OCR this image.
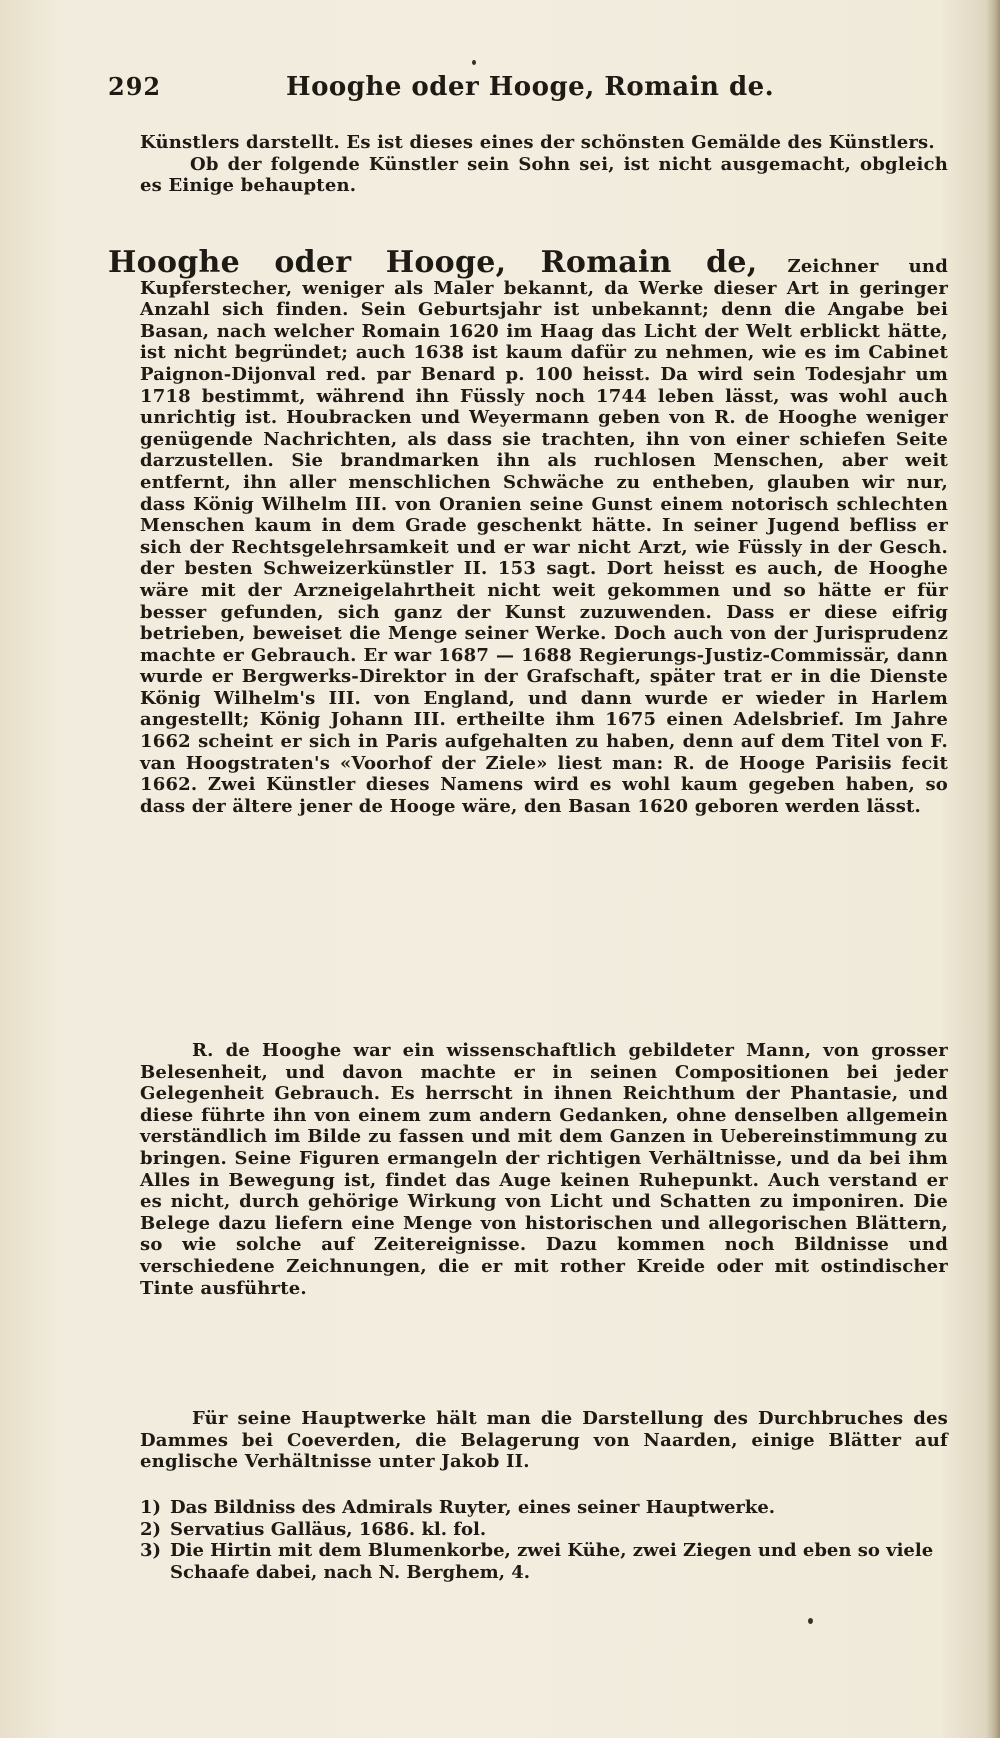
292	Hooghe oder Hooge, Romain de.

Künstlers darstellt. Es ist dieses eines der schönsten Gemälde des Künstlers.

Ob der folgende Künstler sein Sohn sei, ist nicht ausgemacht, obgleich es Einige behaupten.

Hooghe oder Hooge, Romain de, Zeichner und Kupferstecher, weniger als Maler bekannt, da Werke dieser Art in geringer Anzahl sich finden. Sein Geburtsjahr ist unbekannt; denn die Angabe bei Basan, nach welcher Romain 1620 im Haag das Licht der Welt erblickt hätte, ist nicht begründet; auch 1638 ist kaum dafür zu nehmen, wie es im Cabinet Paignon-Dijonval red. par Benard p. 100 heisst. Da wird sein Todesjahr um 1718 bestimmt, während ihn Füssly noch 1744 leben lässt, was wohl auch unrichtig ist. Houbracken und Weyermann geben von R. de Hooghe weniger genügende Nachrichten, als dass sie trachten, ihn von einer schiefen Seite darzustellen. Sie brandmarken ihn als ruchlosen Menschen, aber weit entfernt, ihn aller menschlichen Schwäche zu entheben, glauben wir nur, dass König Wilhelm III. von Oranien seine Gunst einem notorisch schlechten Menschen kaum in dem Grade geschenkt hätte. In seiner Jugend befliss er sich der Rechtsgelehrsamkeit und er war nicht Arzt, wie Füssly in der Gesch. der besten Schweizerkünstler II. 153 sagt. Dort heisst es auch, de Hooghe wäre mit der Arzneigelahrtheit nicht weit gekommen und so hätte er für besser gefunden, sich ganz der Kunst zuzuwenden. Dass er diese eifrig betrieben, beweiset die Menge seiner Werke. Doch auch von der Jurisprudenz machte er Gebrauch. Er war 1687 — 1688 Regierungs-Justiz-Commissär, dann wurde er Bergwerks-Direktor in der Grafschaft, später trat er in die Dienste König Wilhelm's III. von England, und dann wurde er wieder in Harlem angestellt; König Johann III. ertheilte ihm 1675 einen Adelsbrief. Im Jahre 1662 scheint er sich in Paris aufgehalten zu haben, denn auf dem Titel von F. van Hoogstraten's «Voorhof der Ziele» liest man: R. de Hooge Parisiis fecit 1662. Zwei Künstler dieses Namens wird es wohl kaum gegeben haben, so dass der ältere jener de Hooge wäre, den Basan 1620 geboren werden lässt.

R. de Hooghe war ein wissenschaftlich gebildeter Mann, von grosser Belesenheit, und davon machte er in seinen Compositionen bei jeder Gelegenheit Gebrauch. Es herrscht in ihnen Reichthum der Phantasie, und diese führte ihn von einem zum andern Gedanken, ohne denselben allgemein verständlich im Bilde zu fassen und mit dem Ganzen in Uebereinstimmung zu bringen. Seine Figuren ermangeln der richtigen Verhältnisse, und da bei ihm Alles in Bewegung ist, findet das Auge keinen Ruhepunkt. Auch verstand er es nicht, durch gehörige Wirkung von Licht und Schatten zu imponiren. Die Belege dazu liefern eine Menge von historischen und allegorischen Blättern, so wie solche auf Zeitereignisse. Dazu kommen noch Bildnisse und verschiedene Zeichnungen, die er mit rother Kreide oder mit ostindischer Tinte ausführte.

Für seine Hauptwerke hält man die Darstellung des Durchbruches des Dammes bei Coeverden, die Belagerung von Naarden, einige Blätter auf englische Verhältnisse unter Jakob II.

1) Das Bildniss des Admirals Ruyter, eines seiner Hauptwerke.
2) Servatius Galläus, 1686. kl. fol.
3) Die Hirtin mit dem Blumenkorbe, zwei Kühe, zwei Ziegen und eben so viele Schaafe dabei, nach N. Berghem, 4.
